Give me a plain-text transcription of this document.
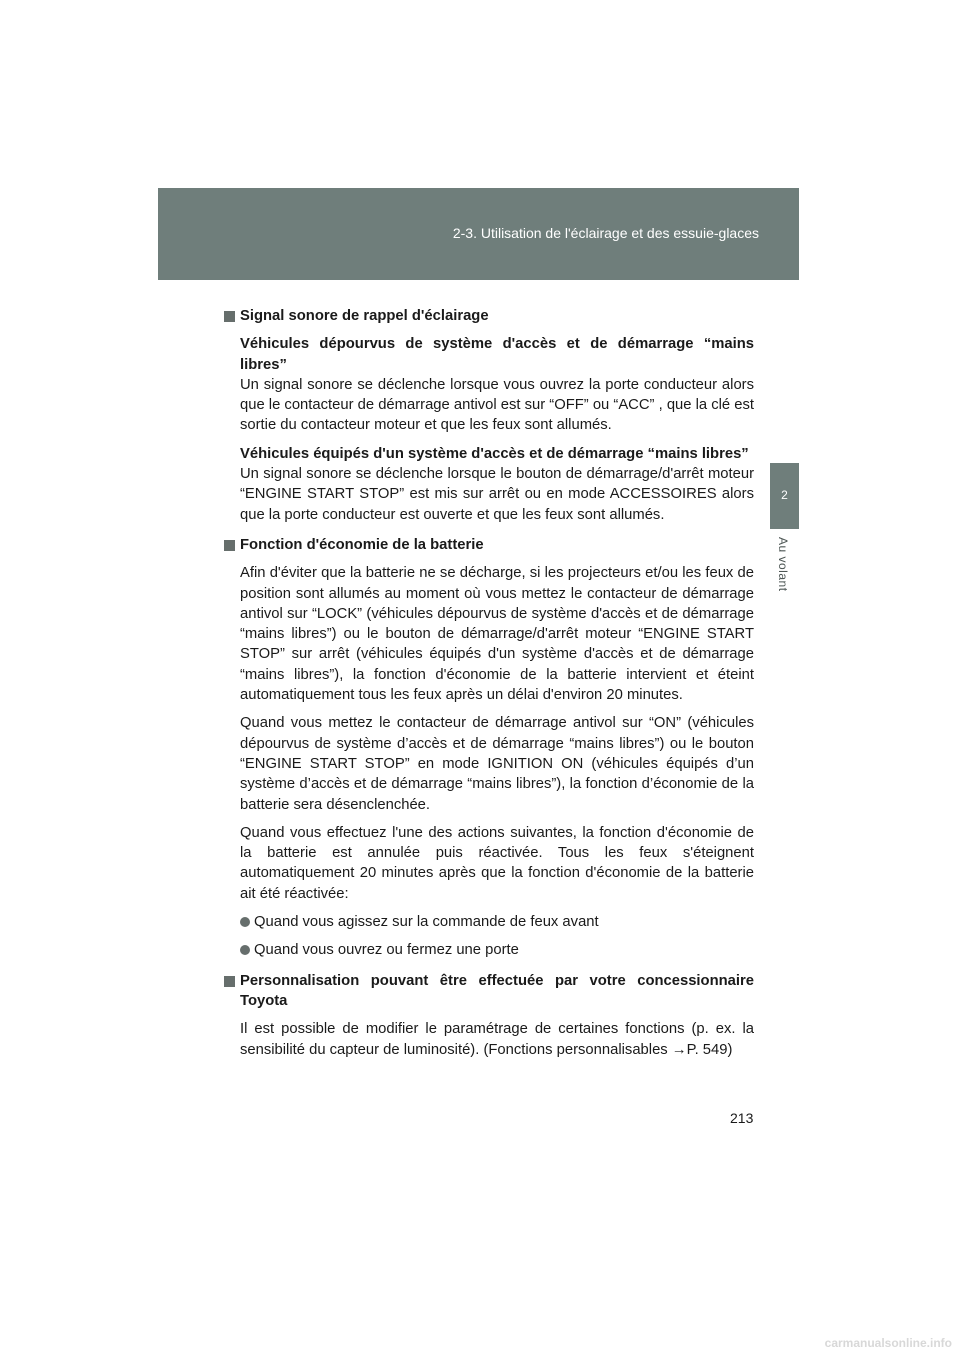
2-3. Utilisation de l'éclairage et des essuie-glaces
2
Au volant
Signal sonore de rappel d'éclairage

Véhicules dépourvus de système d'accès et de démarrage “mains libres”
Un signal sonore se déclenche lorsque vous ouvrez la porte conducteur alors que le contacteur de démarrage antivol est sur “OFF” ou “ACC” , que la clé est sortie du contacteur moteur et que les feux sont allumés.

Véhicules équipés d'un système d'accès et de démarrage “mains libres”
Un signal sonore se déclenche lorsque le bouton de démarrage/d'arrêt moteur “ENGINE START STOP” est mis sur arrêt ou en mode ACCESSOIRES alors que la porte conducteur est ouverte et que les feux sont allumés.

Fonction d'économie de la batterie

Afin d'éviter que la batterie ne se décharge, si les projecteurs et/ou les feux de position sont allumés au moment où vous mettez le contacteur de démarrage antivol sur “LOCK” (véhicules dépourvus de système d'accès et de démarrage “mains libres”) ou le bouton de démarrage/d'arrêt moteur “ENGINE START STOP” sur arrêt (véhicules équipés d'un système d'accès et de démarrage “mains libres”), la fonction d'économie de la batterie intervient et éteint automatiquement tous les feux après un délai d'environ 20 minutes.

Quand vous mettez le contacteur de démarrage antivol sur “ON” (véhicules dépourvus de système d’accès et de démarrage “mains libres”) ou le bouton “ENGINE START STOP” en mode IGNITION ON (véhicules équipés d’un système d’accès et de démarrage “mains libres”), la fonction d’économie de la batterie sera désenclenchée.

Quand vous effectuez l'une des actions suivantes, la fonction d'économie de la batterie est annulée puis réactivée. Tous les feux s'éteignent automatiquement 20 minutes après que la fonction d'économie de la batterie ait été réactivée:

Quand vous agissez sur la commande de feux avant
Quand vous ouvrez ou fermez une porte
Personnalisation pouvant être effectuée par votre concessionnaire Toyota

Il est possible de modifier le paramétrage de certaines fonctions (p. ex. la sensibilité du capteur de luminosité). (Fonctions personnalisables →P. 549)

213
carmanualsonline.info
